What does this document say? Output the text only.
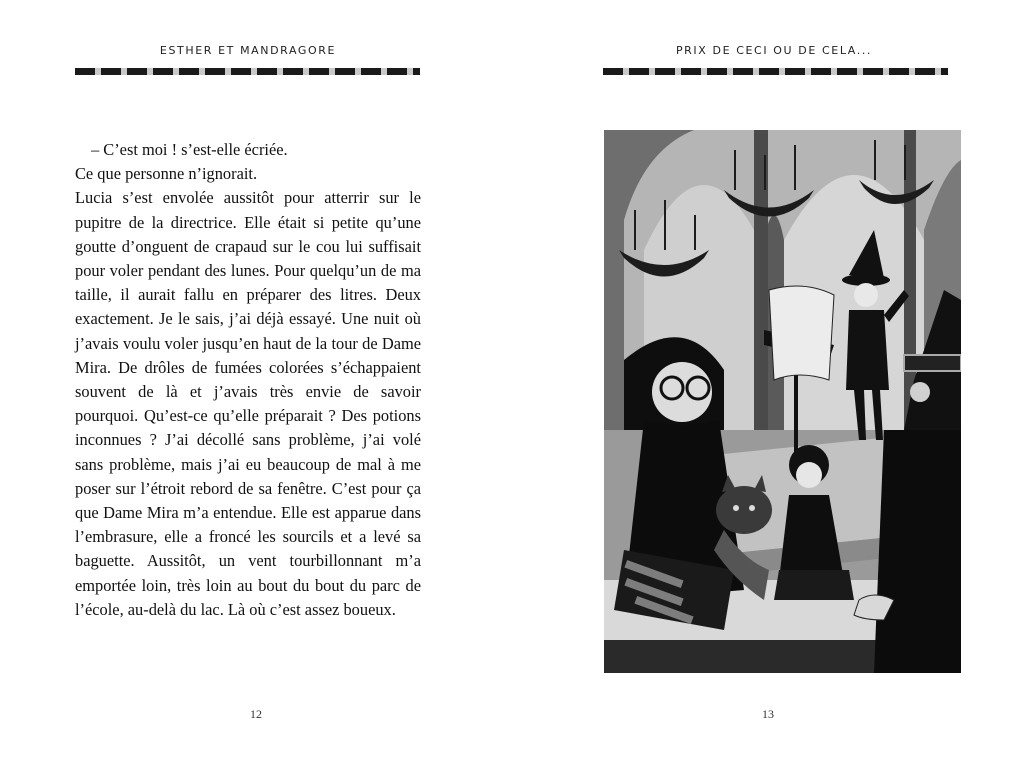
ESTHER ET MANDRAGORE

– C’est moi ! s’est-elle écriée.

Ce que personne n’ignorait.

Lucia s’est envolée aussitôt pour atterrir sur le pupitre de la directrice. Elle était si petite qu’une goutte d’onguent de crapaud sur le cou lui suffisait pour voler pendant des lunes. Pour quelqu’un de ma taille, il aurait fallu en préparer des litres. Deux exactement. Je le sais, j’ai déjà essayé. Une nuit où j’avais voulu voler jusqu’en haut de la tour de Dame Mira. De drôles de fumées colorées s’échappaient souvent de là et j’avais très envie de savoir pourquoi. Qu’est-ce qu’elle préparait ? Des potions inconnues ? J’ai décollé sans problème, j’ai volé sans problème, mais j’ai eu beaucoup de mal à me poser sur l’étroit rebord de sa fenêtre. C’est pour ça que Dame Mira m’a entendue. Elle est apparue dans l’embrasure, elle a froncé les sourcils et a levé sa baguette. Aussitôt, un vent tourbillonnant m’a emportée loin, très loin au bout du bout du parc de l’école, au-delà du lac. Là où c’est assez boueux.

12
PRIX DE CECI OU DE CELA...
13
